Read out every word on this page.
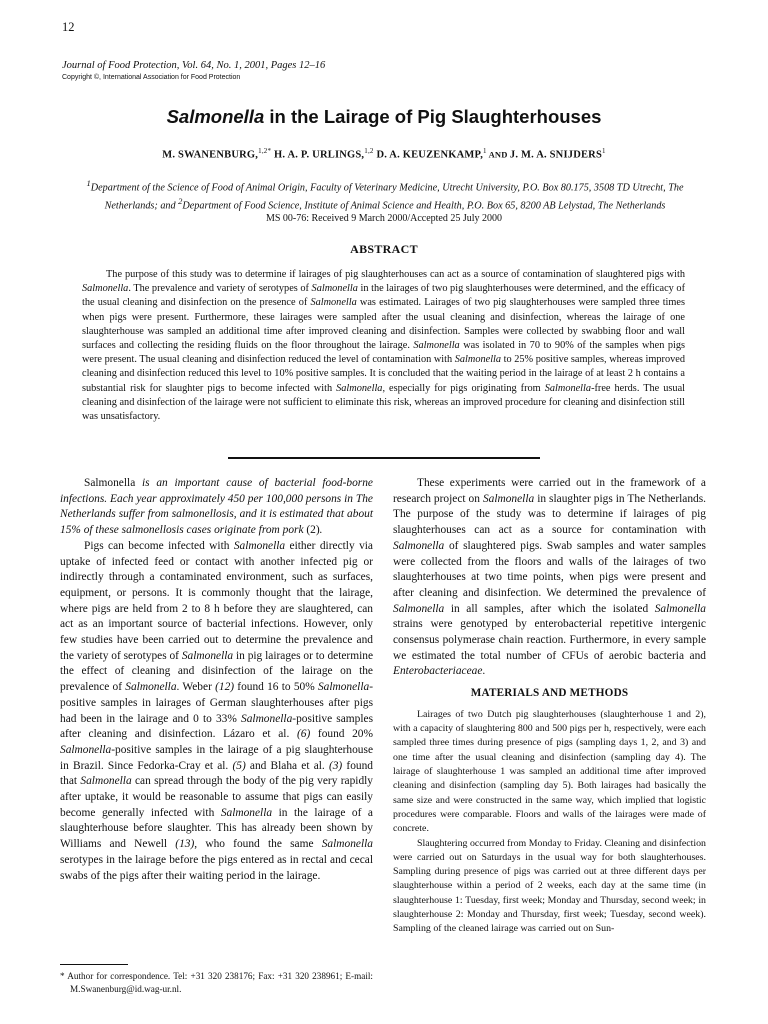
12
Journal of Food Protection, Vol. 64, No. 1, 2001, Pages 12–16
Copyright ©, International Association for Food Protection
Salmonella in the Lairage of Pig Slaughterhouses
M. SWANENBURG,$^{1,2*}$ H. A. P. URLINGS,$^{1,2}$ D. A. KEUZENKAMP,$^1$ AND J. M. A. SNIJDERS$^1$
$^1$Department of the Science of Food of Animal Origin, Faculty of Veterinary Medicine, Utrecht University, P.O. Box 80.175, 3508 TD Utrecht, The Netherlands; and $^2$Department of Food Science, Institute of Animal Science and Health, P.O. Box 65, 8200 AB Lelystad, The Netherlands
MS 00-76: Received 9 March 2000/Accepted 25 July 2000
ABSTRACT
The purpose of this study was to determine if lairages of pig slaughterhouses can act as a source of contamination of slaughtered pigs with Salmonella. The prevalence and variety of serotypes of Salmonella in the lairages of two pig slaughterhouses were determined, and the efficacy of the usual cleaning and disinfection on the presence of Salmonella was estimated. Lairages of two pig slaughterhouses were sampled three times when pigs were present. Furthermore, these lairages were sampled after the usual cleaning and disinfection, whereas the lairage of one slaughterhouse was sampled an additional time after improved cleaning and disinfection. Samples were collected by swabbing floor and wall surfaces and collecting the residing fluids on the floor throughout the lairage. Salmonella was isolated in 70 to 90% of the samples when pigs were present. The usual cleaning and disinfection reduced the level of contamination with Salmonella to 25% positive samples, whereas improved cleaning and disinfection reduced this level to 10% positive samples. It is concluded that the waiting period in the lairage of at least 2 h contains a substantial risk for slaughter pigs to become infected with Salmonella, especially for pigs originating from Salmonella-free herds. The usual cleaning and disinfection of the lairage were not sufficient to eliminate this risk, whereas an improved procedure for cleaning and disinfection still was unsatisfactory.

Salmonella is an important cause of bacterial food-borne infections. Each year approximately 450 per 100,000 persons in The Netherlands suffer from salmonellosis, and it is estimated that about 15% of these salmonellosis cases originate from pork (2).

Pigs can become infected with Salmonella either directly via uptake of infected feed or contact with another infected pig or indirectly through a contaminated environment, such as surfaces, equipment, or persons. It is commonly thought that the lairage, where pigs are held from 2 to 8 h before they are slaughtered, can act as an important source of bacterial infections. However, only few studies have been carried out to determine the prevalence and the variety of serotypes of Salmonella in pig lairages or to determine the effect of cleaning and disinfection of the lairage on the prevalence of Salmonella. Weber (12) found 16 to 50% Salmonella-positive samples in lairages of German slaughterhouses after pigs had been in the lairage and 0 to 33% Salmonella-positive samples after cleaning and disinfection. Lázaro et al. (6) found 20% Salmonella-positive samples in the lairage of a pig slaughterhouse in Brazil. Since Fedorka-Cray et al. (5) and Blaha et al. (3) found that Salmonella can spread through the body of the pig very rapidly after uptake, it would be reasonable to assume that pigs can easily become generally infected with Salmonella in the lairage of a slaughterhouse before slaughter. This has already been shown by Williams and Newell (13), who found the same Salmonella serotypes in the lairage before the pigs entered as in rectal and cecal swabs of the pigs after their waiting period in the lairage.

These experiments were carried out in the framework of a research project on Salmonella in slaughter pigs in The Netherlands. The purpose of the study was to determine if lairages of pig slaughterhouses can act as a source for contamination with Salmonella of slaughtered pigs. Swab samples and water samples were collected from the floors and walls of the lairages of two slaughterhouses at two time points, when pigs were present and after cleaning and disinfection. We determined the prevalence of Salmonella in all samples, after which the isolated Salmonella strains were genotyped by enterobacterial repetitive intergenic consensus polymerase chain reaction. Furthermore, in every sample we estimated the total number of CFUs of aerobic bacteria and Enterobacteriaceae.

MATERIALS AND METHODS

Lairages of two Dutch pig slaughterhouses (slaughterhouse 1 and 2), with a capacity of slaughtering 800 and 500 pigs per h, respectively, were each sampled three times during presence of pigs (sampling days 1, 2, and 3) and one time after the usual cleaning and disinfection (sampling day 4). The lairage of slaughterhouse 1 was sampled an additional time after improved cleaning and disinfection (sampling day 5). Both lairages had basically the same size and were constructed in the same way, which implied that logistic procedures were comparable. Floors and walls of the lairages were made of concrete.

Slaughtering occurred from Monday to Friday. Cleaning and disinfection were carried out on Saturdays in the usual way for both slaughterhouses. Sampling during presence of pigs was carried out at three different days per slaughterhouse within a period of 2 weeks, each day at the same time (in slaughterhouse 1: Tuesday, first week; Monday and Thursday, second week; in slaughterhouse 2: Monday and Thursday, first week; Tuesday, second week). Sampling of the cleaned lairage was carried out on Sun-

* Author for correspondence. Tel: +31 320 238176; Fax: +31 320 238961; E-mail: M.Swanenburg@id.wag-ur.nl.
